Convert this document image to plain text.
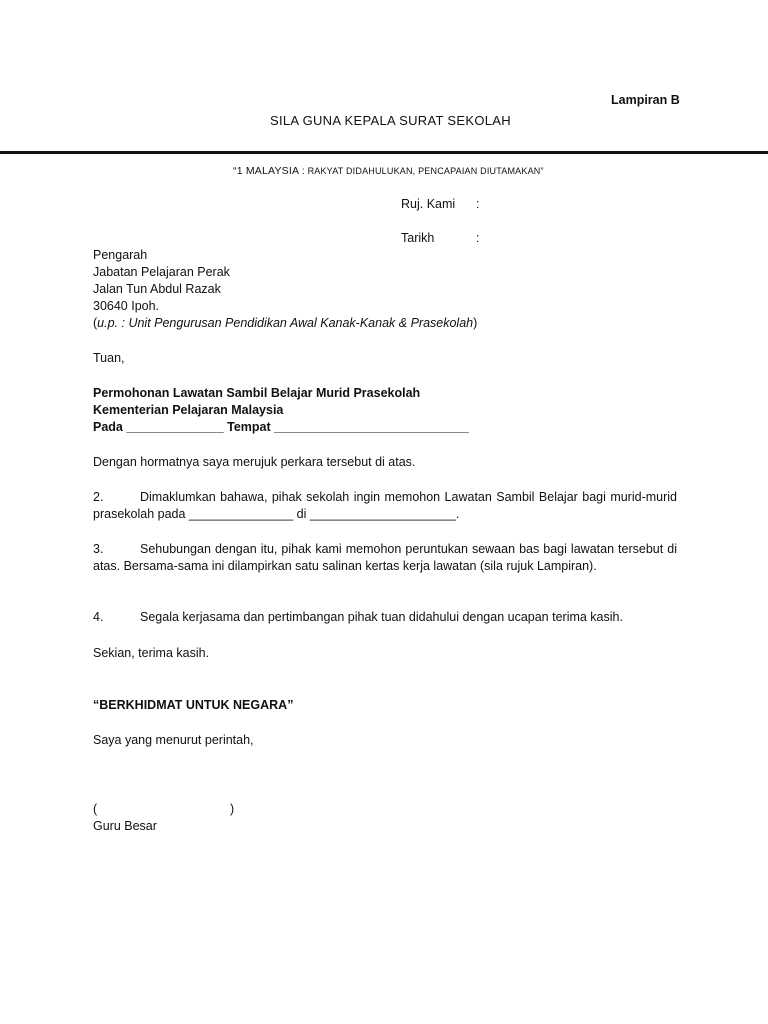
Lampiran B
SILA GUNA KEPALA SURAT SEKOLAH
“1 MALAYSIA : RAKYAT DIDAHULUKAN, PENCAPAIAN DIUTAMAKAN”
Ruj. Kami :
Tarikh	:
Pengarah
Jabatan Pelajaran Perak
Jalan Tun Abdul Razak
30640 Ipoh.
(u.p. : Unit Pengurusan Pendidikan Awal Kanak-Kanak & Prasekolah)
Tuan,
Permohonan Lawatan Sambil Belajar Murid Prasekolah
Kementerian Pelajaran Malaysia
Pada ______________ Tempat ____________________________
Dengan hormatnya saya merujuk perkara tersebut di atas.
2.	Dimaklumkan bahawa, pihak sekolah ingin memohon Lawatan Sambil Belajar bagi murid-murid prasekolah pada _______________ di _____________________.
3.	Sehubungan dengan itu, pihak kami memohon peruntukan sewaan bas bagi lawatan tersebut di atas. Bersama-sama ini dilampirkan satu salinan kertas kerja lawatan (sila rujuk Lampiran).
4.	Segala kerjasama dan pertimbangan pihak tuan didahului dengan ucapan terima kasih.
Sekian, terima kasih.
“BERKHIDMAT UNTUK NEGARA”
Saya yang menurut perintah,
(	)
Guru Besar
